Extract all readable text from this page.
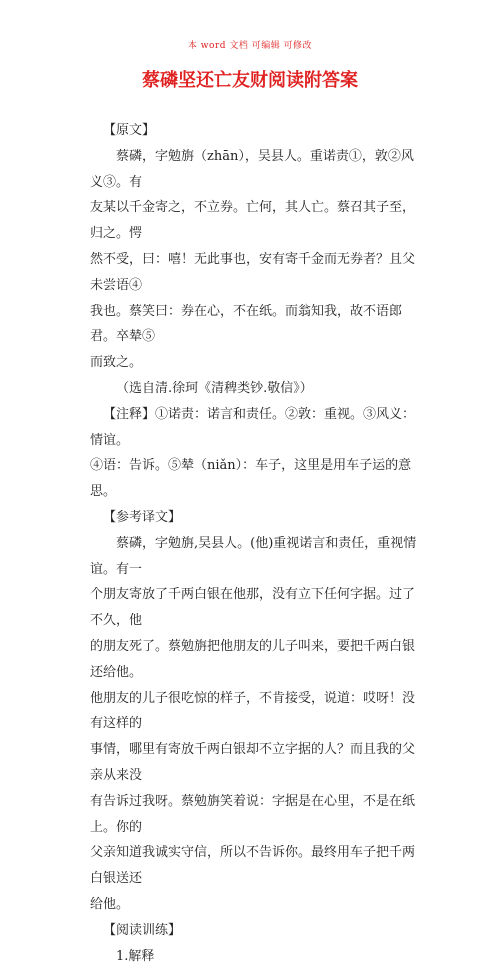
本 word 文档 可编辑 可修改
蔡磷坚还亡友财阅读附答案

【原文】

蔡磷，字勉旃（zhān），吴县人。重诺责①，敦②风义③。有

友某以千金寄之，不立券。亡何，其人亡。蔡召其子至，归之。愕

然不受，曰：嘻！无此事也，安有寄千金而无券者？且父未尝语④

我也。蔡笑曰：券在心，不在纸。而翁知我，故不语郎君。卒辇⑤

而致之。

（选自清.徐珂《清稗类钞.敬信》）

【注释】①诺责：诺言和责任。②敦：重视。③风义：情谊。

④语：告诉。⑤辇（niǎn）：车子，这里是用车子运的意思。

【参考译文】

蔡磷，字勉旃,吴县人。(他)重视诺言和责任，重视情谊。有一

个朋友寄放了千两白银在他那，没有立下任何字据。过了不久，他

的朋友死了。蔡勉旃把他朋友的儿子叫来，要把千两白银还给他。

他朋友的儿子很吃惊的样子，不肯接受，说道：哎呀！没有这样的

事情，哪里有寄放千两白银却不立字据的人？而且我的父亲从来没

有告诉过我呀。蔡勉旃笑着说：字据是在心里，不是在纸上。你的

父亲知道我诚实守信，所以不告诉你。最终用车子把千两白银送还

给他。

【阅读训练】

1.解释
